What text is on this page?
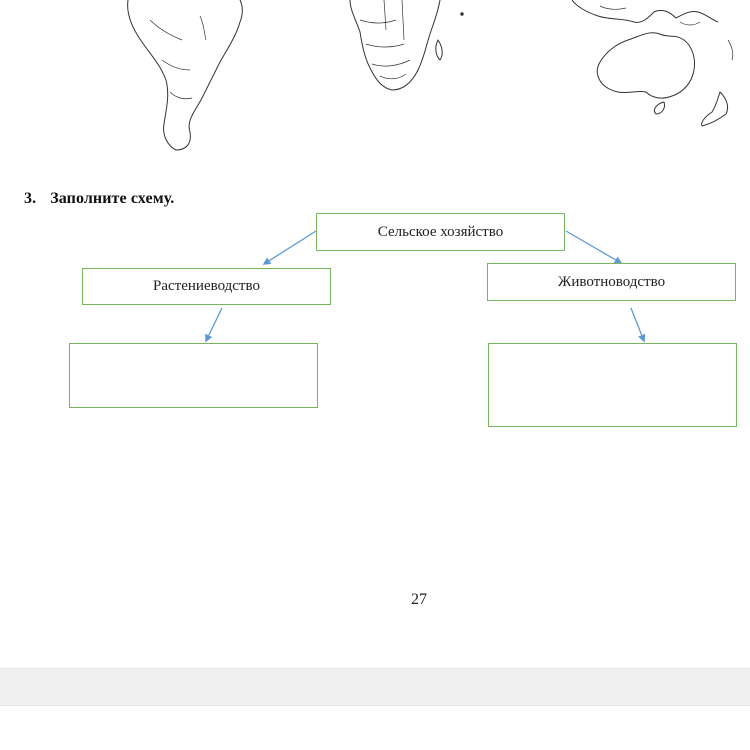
3. Заполните схему.
Сельское хозяйство
Растениеводство	Животноводство
27
